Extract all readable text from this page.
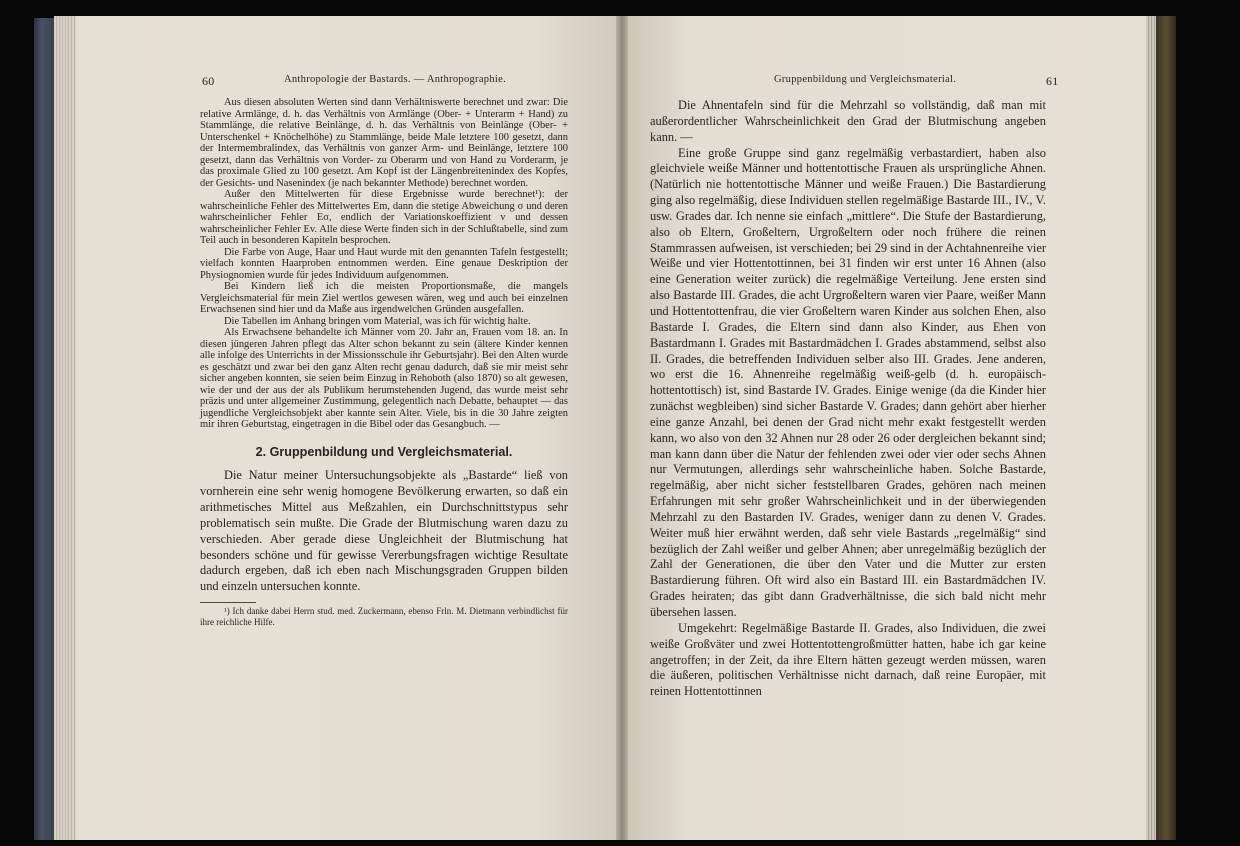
60	Anthropologie der Bastards. — Anthropographie.

Aus diesen absoluten Werten sind dann Verhältniswerte berechnet und zwar: Die relative Armlänge, d. h. das Verhältnis von Armlänge (Ober- + Unterarm + Hand) zu Stammlänge, die relative Beinlänge, d. h. das Verhältnis von Beinlänge (Ober- + Unterschenkel + Knöchelhöhe) zu Stammlänge, beide Male letztere 100 gesetzt, dann der Intermembralindex, das Verhältnis von ganzer Arm- und Beinlänge, letztere 100 gesetzt, dann das Verhältnis von Vorder- zu Oberarm und von Hand zu Vorderarm, je das proximale Glied zu 100 gesetzt. Am Kopf ist der Längenbreitenindex des Kopfes, der Gesichts- und Nasenindex (je nach bekannter Methode) berechnet worden.

Außer den Mittelwerten für diese Ergebnisse wurde berechnet¹): der wahrscheinliche Fehler des Mittelwertes Em, dann die stetige Abweichung σ und deren wahrscheinlicher Fehler Eσ, endlich der Variationskoeffizient v und dessen wahrscheinlicher Fehler Ev. Alle diese Werte finden sich in der Schlußtabelle, sind zum Teil auch in besonderen Kapiteln besprochen.

Die Farbe von Auge, Haar und Haut wurde mit den genannten Tafeln festgestellt; vielfach konnten Haarproben entnommen werden. Eine genaue Deskription der Physiognomien wurde für jedes Individuum aufgenommen.

Bei Kindern ließ ich die meisten Proportionsmaße, die mangels Vergleichsmaterial für mein Ziel wertlos gewesen wären, weg und auch bei einzelnen Erwachsenen sind hier und da Maße aus irgendwelchen Gründen ausgefallen.

Die Tabellen im Anhang bringen vom Material, was ich für wichtig halte.

Als Erwachsene behandelte ich Männer vom 20. Jahr an, Frauen vom 18. an. In diesen jüngeren Jahren pflegt das Alter schon bekannt zu sein (ältere Kinder kennen alle infolge des Unterrichts in der Missionsschule ihr Geburtsjahr). Bei den Alten wurde es geschätzt und zwar bei den ganz Alten recht genau dadurch, daß sie mir meist sehr sicher angeben konnten, sie seien beim Einzug in Rehoboth (also 1870) so alt gewesen, wie der und der aus der als Publikum herumstehenden Jugend, das wurde meist sehr präzis und unter allgemeiner Zustimmung, gelegentlich nach Debatte, behauptet — das jugendliche Vergleichsobjekt aber kannte sein Alter. Viele, bis in die 30 Jahre zeigten mir ihren Geburtstag, eingetragen in die Bibel oder das Gesangbuch. —

2. Gruppenbildung und Vergleichsmaterial.

Die Natur meiner Untersuchungsobjekte als „Bastarde“ ließ von vornherein eine sehr wenig homogene Bevölkerung erwarten, so daß ein arithmetisches Mittel aus Meßzahlen, ein Durchschnittstypus sehr problematisch sein mußte. Die Grade der Blutmischung waren dazu zu verschieden. Aber gerade diese Ungleichheit der Blutmischung hat besonders schöne und für gewisse Vererbungsfragen wichtige Resultate dadurch ergeben, daß ich eben nach Mischungsgraden Gruppen bilden und einzeln untersuchen konnte.

¹) Ich danke dabei Herrn stud. med. Zuckermann, ebenso Frln. M. Dietmann verbindlichst für ihre reichliche Hilfe.

Gruppenbildung und Vergleichsmaterial.	61

Die Ahnentafeln sind für die Mehrzahl so vollständig, daß man mit außerordentlicher Wahrscheinlichkeit den Grad der Blutmischung angeben kann. —

Eine große Gruppe sind ganz regelmäßig verbastardiert, haben also gleichviele weiße Männer und hottentottische Frauen als ursprüngliche Ahnen. (Natürlich nie hottentottische Männer und weiße Frauen.) Die Bastardierung ging also regelmäßig, diese Individuen stellen regelmäßige Bastarde III., IV., V. usw. Grades dar. Ich nenne sie einfach „mittlere“. Die Stufe der Bastardierung, also ob Eltern, Großeltern, Urgroßeltern oder noch frühere die reinen Stammrassen aufweisen, ist verschieden; bei 29 sind in der Achtahnenreihe vier Weiße und vier Hottentottinnen, bei 31 finden wir erst unter 16 Ahnen (also eine Generation weiter zurück) die regelmäßige Verteilung. Jene ersten sind also Bastarde III. Grades, die acht Urgroßeltern waren vier Paare, weißer Mann und Hottentottenfrau, die vier Großeltern waren Kinder aus solchen Ehen, also Bastarde I. Grades, die Eltern sind dann also Kinder, aus Ehen von Bastardmann I. Grades mit Bastardmädchen I. Grades abstammend, selbst also II. Grades, die betreffenden Individuen selber also III. Grades. Jene anderen, wo erst die 16. Ahnenreihe regelmäßig weiß-gelb (d. h. europäisch-hottentottisch) ist, sind Bastarde IV. Grades. Einige wenige (da die Kinder hier zunächst wegbleiben) sind sicher Bastarde V. Grades; dann gehört aber hierher eine ganze Anzahl, bei denen der Grad nicht mehr exakt festgestellt werden kann, wo also von den 32 Ahnen nur 28 oder 26 oder dergleichen bekannt sind; man kann dann über die Natur der fehlenden zwei oder vier oder sechs Ahnen nur Vermutungen, allerdings sehr wahrscheinliche haben. Solche Bastarde, regelmäßig, aber nicht sicher feststellbaren Grades, gehören nach meinen Erfahrungen mit sehr großer Wahrscheinlichkeit und in der überwiegenden Mehrzahl zu den Bastarden IV. Grades, weniger dann zu denen V. Grades. Weiter muß hier erwähnt werden, daß sehr viele Bastards „regelmäßig“ sind bezüglich der Zahl weißer und gelber Ahnen; aber unregelmäßig bezüglich der Zahl der Generationen, die über den Vater und die Mutter zur ersten Bastardierung führen. Oft wird also ein Bastard III. ein Bastardmädchen IV. Grades heiraten; das gibt dann Gradverhältnisse, die sich bald nicht mehr übersehen lassen.

Umgekehrt: Regelmäßige Bastarde II. Grades, also Individuen, die zwei weiße Großväter und zwei Hottentottengroßmütter hatten, habe ich gar keine angetroffen; in der Zeit, da ihre Eltern hätten gezeugt werden müssen, waren die äußeren, politischen Verhältnisse nicht darnach, daß reine Europäer, mit reinen Hottentottinnen
